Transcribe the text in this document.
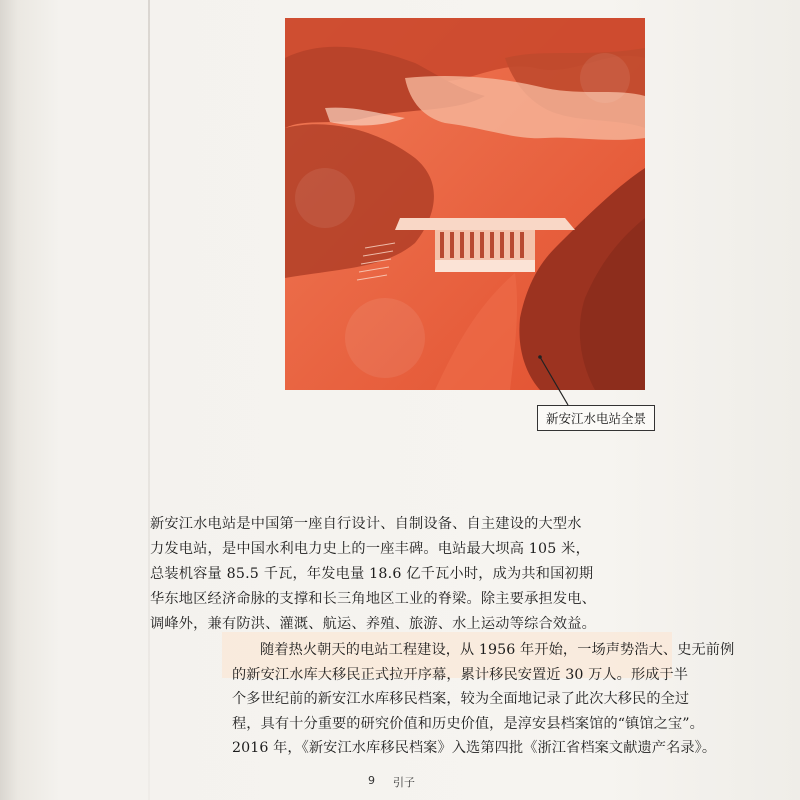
新安江水电站全景
新安江水电站是中国第一座自行设计、自制设备、自主建设的大型水
力发电站，是中国水利电力史上的一座丰碑。电站最大坝高 105 米，
总装机容量 85.5 千瓦，年发电量 18.6 亿千瓦小时，成为共和国初期
华东地区经济命脉的支撑和长三角地区工业的脊梁。除主要承担发电、
调峰外，兼有防洪、灌溉、航运、养殖、旅游、水上运动等综合效益。
随着热火朝天的电站工程建设，从 1956 年开始，一场声势浩大、史无前例
的新安江水库大移民正式拉开序幕，累计移民安置近 30 万人。形成于半
个多世纪前的新安江水库移民档案，较为全面地记录了此次大移民的全过
程，具有十分重要的研究价值和历史价值，是淳安县档案馆的“镇馆之宝”。
2016 年，《新安江水库移民档案》入选第四批《浙江省档案文献遗产名录》。
9 引子
